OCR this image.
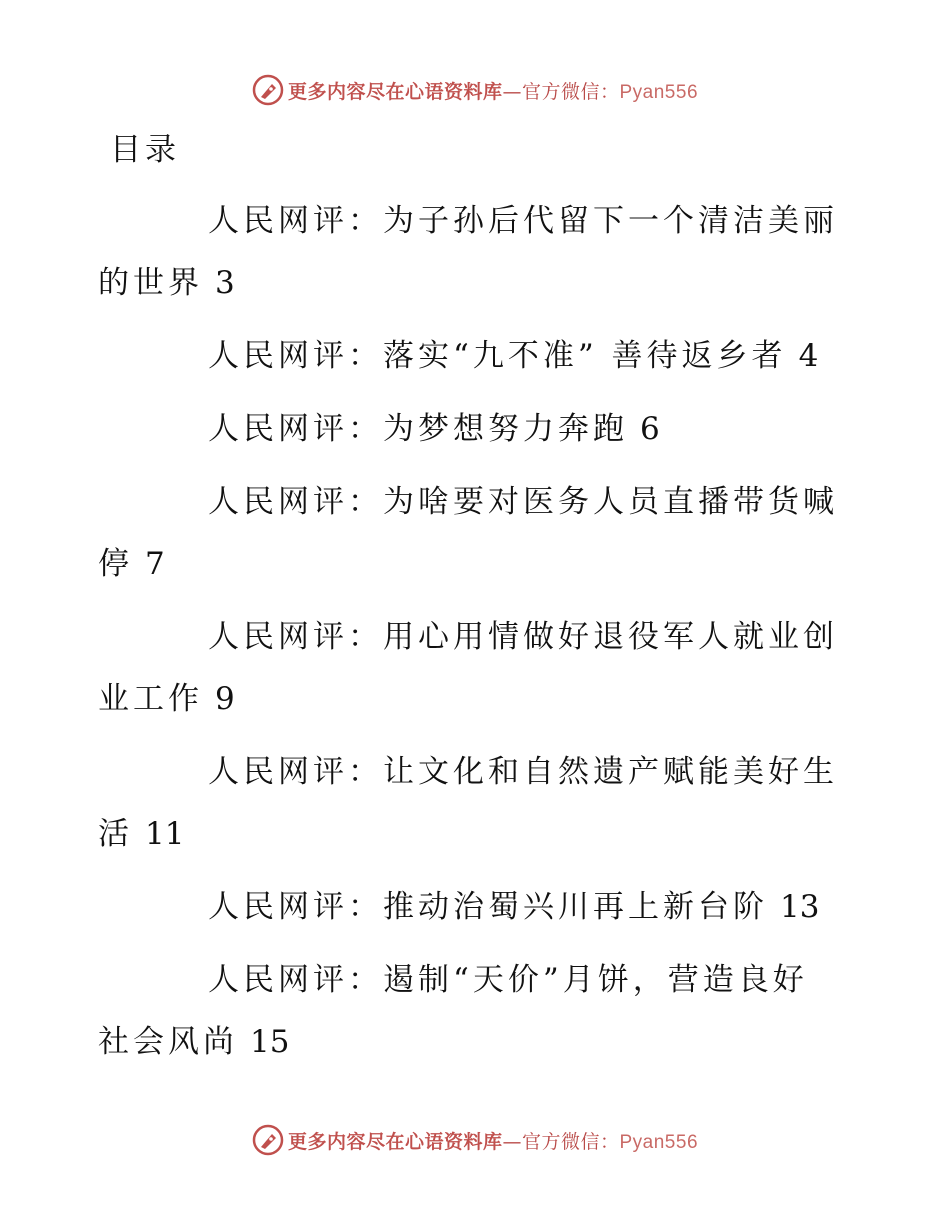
更多内容尽在心语资料库—官方微信：Pyan556
目录
人民网评：为子孙后代留下一个清洁美丽的世界 3
人民网评：落实“九不准” 善待返乡者 4
人民网评：为梦想努力奔跑 6
人民网评：为啥要对医务人员直播带货喊停 7
人民网评：用心用情做好退役军人就业创业工作 9
人民网评：让文化和自然遗产赋能美好生活 11
人民网评：推动治蜀兴川再上新台阶 13
人民网评：遏制“天价”月饼，营造良好社会风尚 15
更多内容尽在心语资料库—官方微信：Pyan556
